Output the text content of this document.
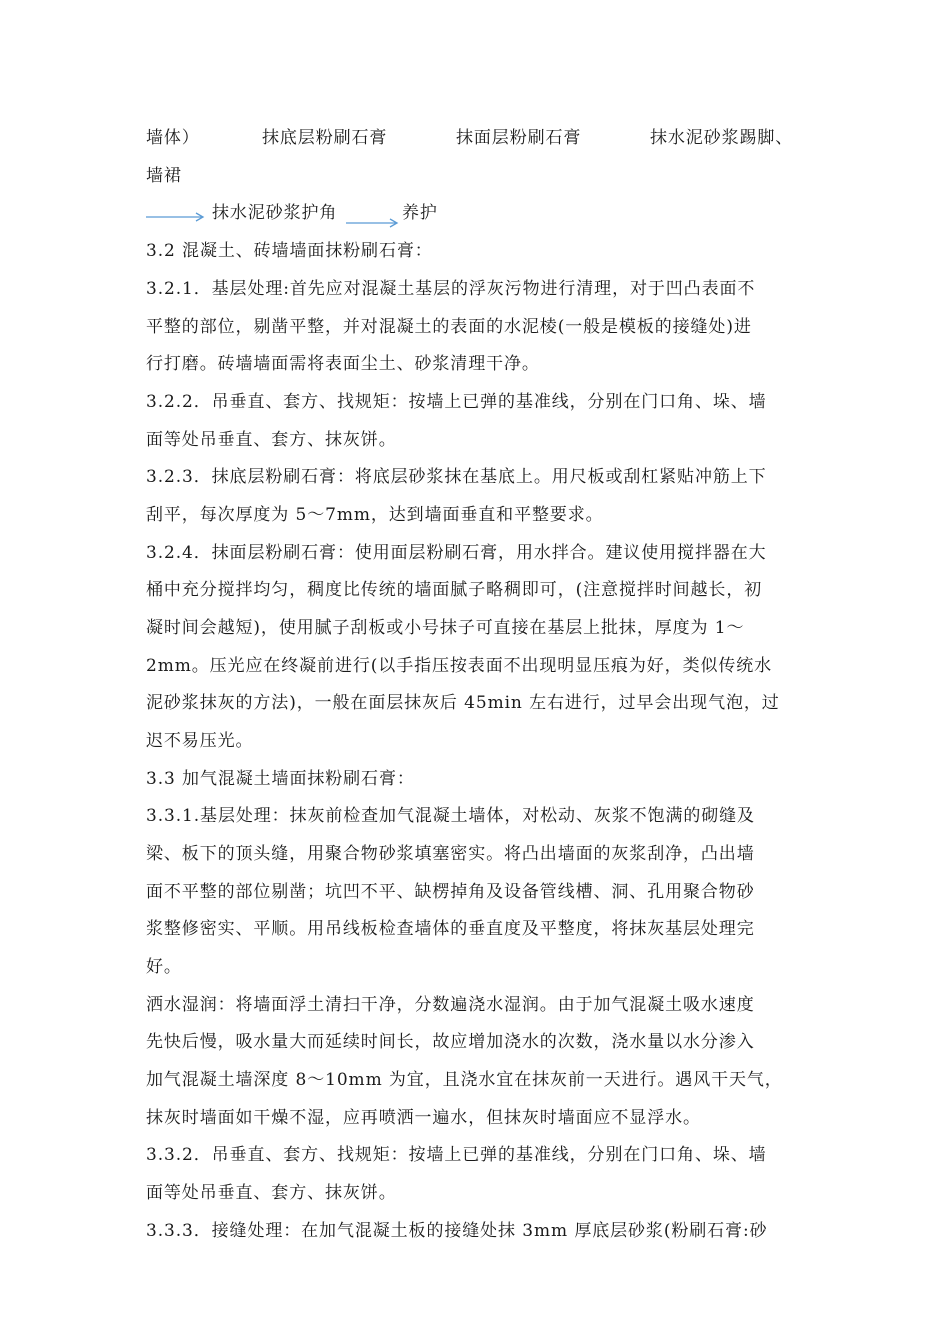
墙体）	抹底层粉刷石膏	抹面层粉刷石膏	抹水泥砂浆踢脚、
墙裙
抹水泥砂浆护角	养护
3.2 混凝土、砖墙墙面抹粉刷石膏：
3.2.1．基层处理:首先应对混凝土基层的浮灰污物进行清理，对于凹凸表面不
平整的部位，剔凿平整，并对混凝土的表面的水泥棱(一般是模板的接缝处)进
行打磨。砖墙墙面需将表面尘土、砂浆清理干净。
3.2.2．吊垂直、套方、找规矩：按墙上已弹的基准线，分别在门口角、垛、墙
面等处吊垂直、套方、抹灰饼。
3.2.3．抹底层粉刷石膏：将底层砂浆抹在基底上。用尺板或刮杠紧贴冲筋上下
刮平，每次厚度为 5～7mm，达到墙面垂直和平整要求。
3.2.4．抹面层粉刷石膏：使用面层粉刷石膏，用水拌合。建议使用搅拌器在大
桶中充分搅拌均匀，稠度比传统的墙面腻子略稠即可，(注意搅拌时间越长，初
凝时间会越短)，使用腻子刮板或小号抹子可直接在基层上批抹，厚度为 1～
2mm。压光应在终凝前进行(以手指压按表面不出现明显压痕为好，类似传统水
泥砂浆抹灰的方法)，一般在面层抹灰后 45min 左右进行，过早会出现气泡，过
迟不易压光。
3.3 加气混凝土墙面抹粉刷石膏：
3.3.1.基层处理：抹灰前检查加气混凝土墙体，对松动、灰浆不饱满的砌缝及
梁、板下的顶头缝，用聚合物砂浆填塞密实。将凸出墙面的灰浆刮净，凸出墙
面不平整的部位剔凿；坑凹不平、缺楞掉角及设备管线槽、洞、孔用聚合物砂
浆整修密实、平顺。用吊线板检查墙体的垂直度及平整度，将抹灰基层处理完
好。
洒水湿润：将墙面浮土清扫干净，分数遍浇水湿润。由于加气混凝土吸水速度
先快后慢，吸水量大而延续时间长，故应增加浇水的次数，浇水量以水分渗入
加气混凝土墙深度 8～10mm 为宜，且浇水宜在抹灰前一天进行。遇风干天气，
抹灰时墙面如干燥不湿，应再喷洒一遍水，但抹灰时墙面应不显浮水。
3.3.2．吊垂直、套方、找规矩：按墙上已弹的基准线，分别在门口角、垛、墙
面等处吊垂直、套方、抹灰饼。
3.3.3．接缝处理：在加气混凝土板的接缝处抹 3mm 厚底层砂浆(粉刷石膏:砂
